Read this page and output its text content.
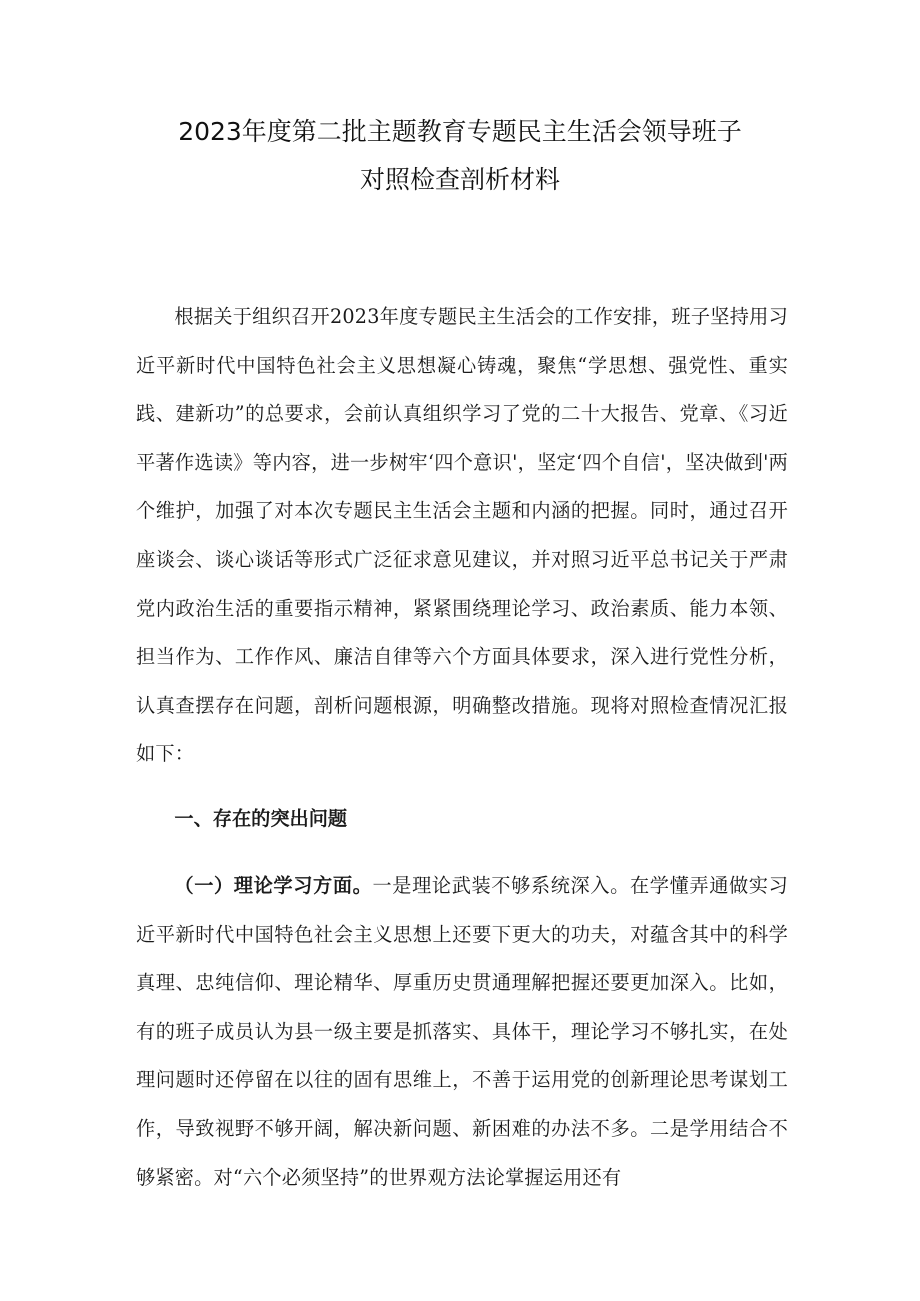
2023年度第二批主题教育专题民主生活会领导班子
对照检查剖析材料

根据关于组织召开2023年度专题民主生活会的工作安排，班子坚持用习近平新时代中国特色社会主义思想凝心铸魂，聚焦“学思想、强党性、重实践、建新功”的总要求，会前认真组织学习了党的二十大报告、党章、《习近平著作选读》等内容，进一步树牢‘四个意识'，坚定‘四个自信'，坚决做到'两个维护，加强了对本次专题民主生活会主题和内涵的把握。同时，通过召开座谈会、谈心谈话等形式广泛征求意见建议，并对照习近平总书记关于严肃党内政治生活的重要指示精神，紧紧围绕理论学习、政治素质、能力本领、担当作为、工作作风、廉洁自律等六个方面具体要求，深入进行党性分析，认真查摆存在问题，剖析问题根源，明确整改措施。现将对照检查情况汇报如下：

一、存在的突出问题

（一）理论学习方面。一是理论武装不够系统深入。在学懂弄通做实习近平新时代中国特色社会主义思想上还要下更大的功夫，对蕴含其中的科学真理、忠纯信仰、理论精华、厚重历史贯通理解把握还要更加深入。比如，有的班子成员认为县一级主要是抓落实、具体干，理论学习不够扎实，在处理问题时还停留在以往的固有思维上，不善于运用党的创新理论思考谋划工作，导致视野不够开阔，解决新问题、新困难的办法不多。二是学用结合不够紧密。对“六个必须坚持”的世界观方法论掌握运用还有
